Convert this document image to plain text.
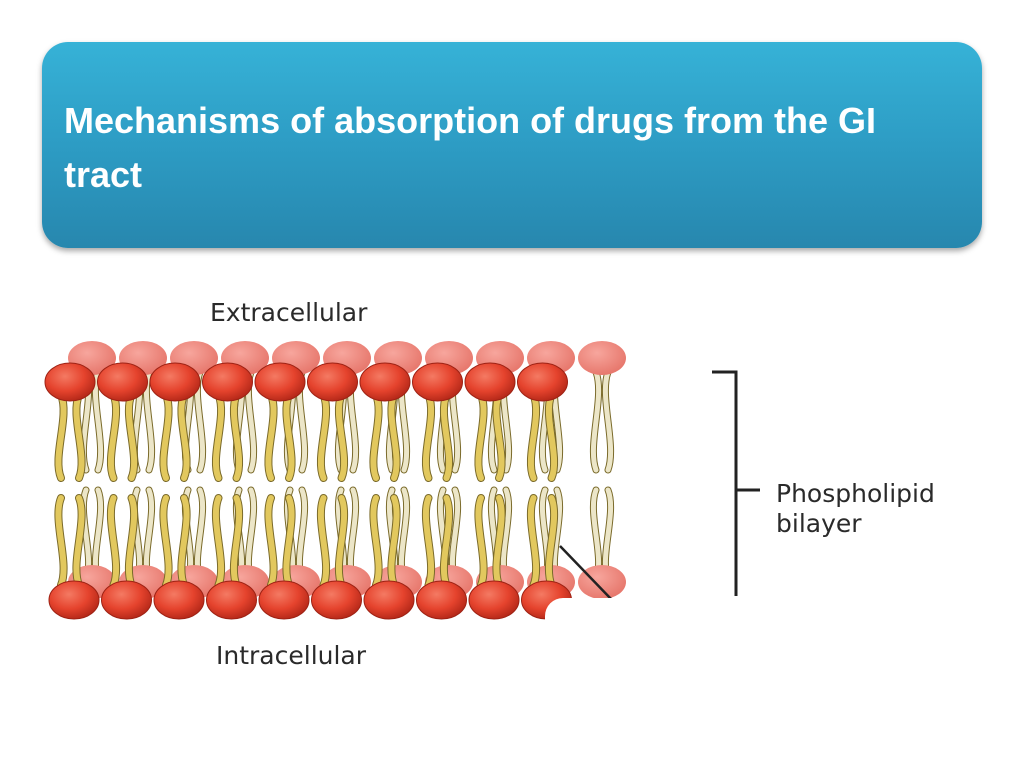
Mechanisms of absorption of drugs from the GI tract
Extracellular
Phospholipid
bilayer
Intracellular
